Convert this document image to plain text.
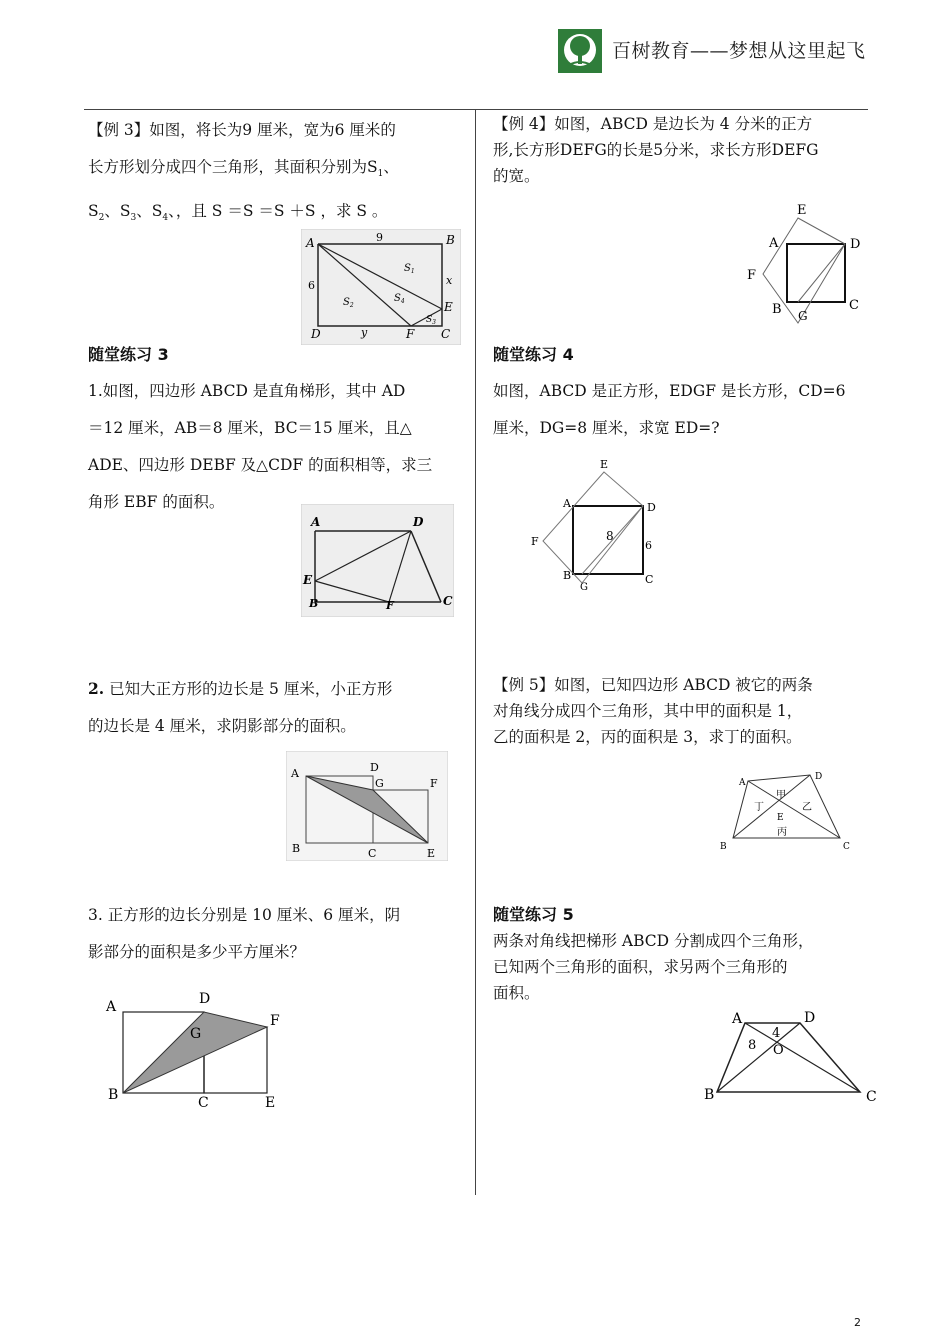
百树教育——梦想从这里起飞
【例 3】如图，将长为9 厘米，宽为6 厘米的
长方形划分成四个三角形，其面积分别为$S_1$、
$S_2$、$S_3$、$S_4$、，且 S ＝S ＝S ＋S ，求 S 。
A	B
C
D
E
F
9
6	x
y
$S_1$
$S_2$
$S_3$
$S_4$
随堂练习 3
1.如图，四边形 ABCD 是直角梯形，其中 AD
＝12 厘米，AB＝8 厘米，BC＝15 厘米，且△
ADE、四边形 DEBF 及△CDF 的面积相等，求三
角形 EBF 的面积。
A	D
E
B	F	C
2. 已知大正方形的边长是 5 厘米，小正方形
的边长是 4 厘米，求阴影部分的面积。
A	D
G	F
B	C	E
3. 正方形的边长分别是 10 厘米、6 厘米，阴
影部分的面积是多少平方厘米？
A	D
G
F
B	C	E
【例 4】如图，ABCD 是边长为 4 分米的正方
形,长方形DEFG的长是5分米，求长方形DEFG
的宽。
E
A	D
F
B G
C
随堂练习 4
如图，ABCD 是正方形，EDGF 是长方形，CD=6
厘米，DG=8 厘米，求宽 ED=?
E
A	D
F
B
G
C
8
6
【例 5】如图，已知四边形 ABCD 被它的两条
对角线分成四个三角形，其中甲的面积是 1，
乙的面积是 2，丙的面积是 3，求丁的面积。
A
D
B	C
E
甲
乙
丙
丁
随堂练习 5
两条对角线把梯形 ABCD 分割成四个三角形，
已知两个三角形的面积，求另两个三角形的
面积。
A	D
B	C
O
4
8
2
